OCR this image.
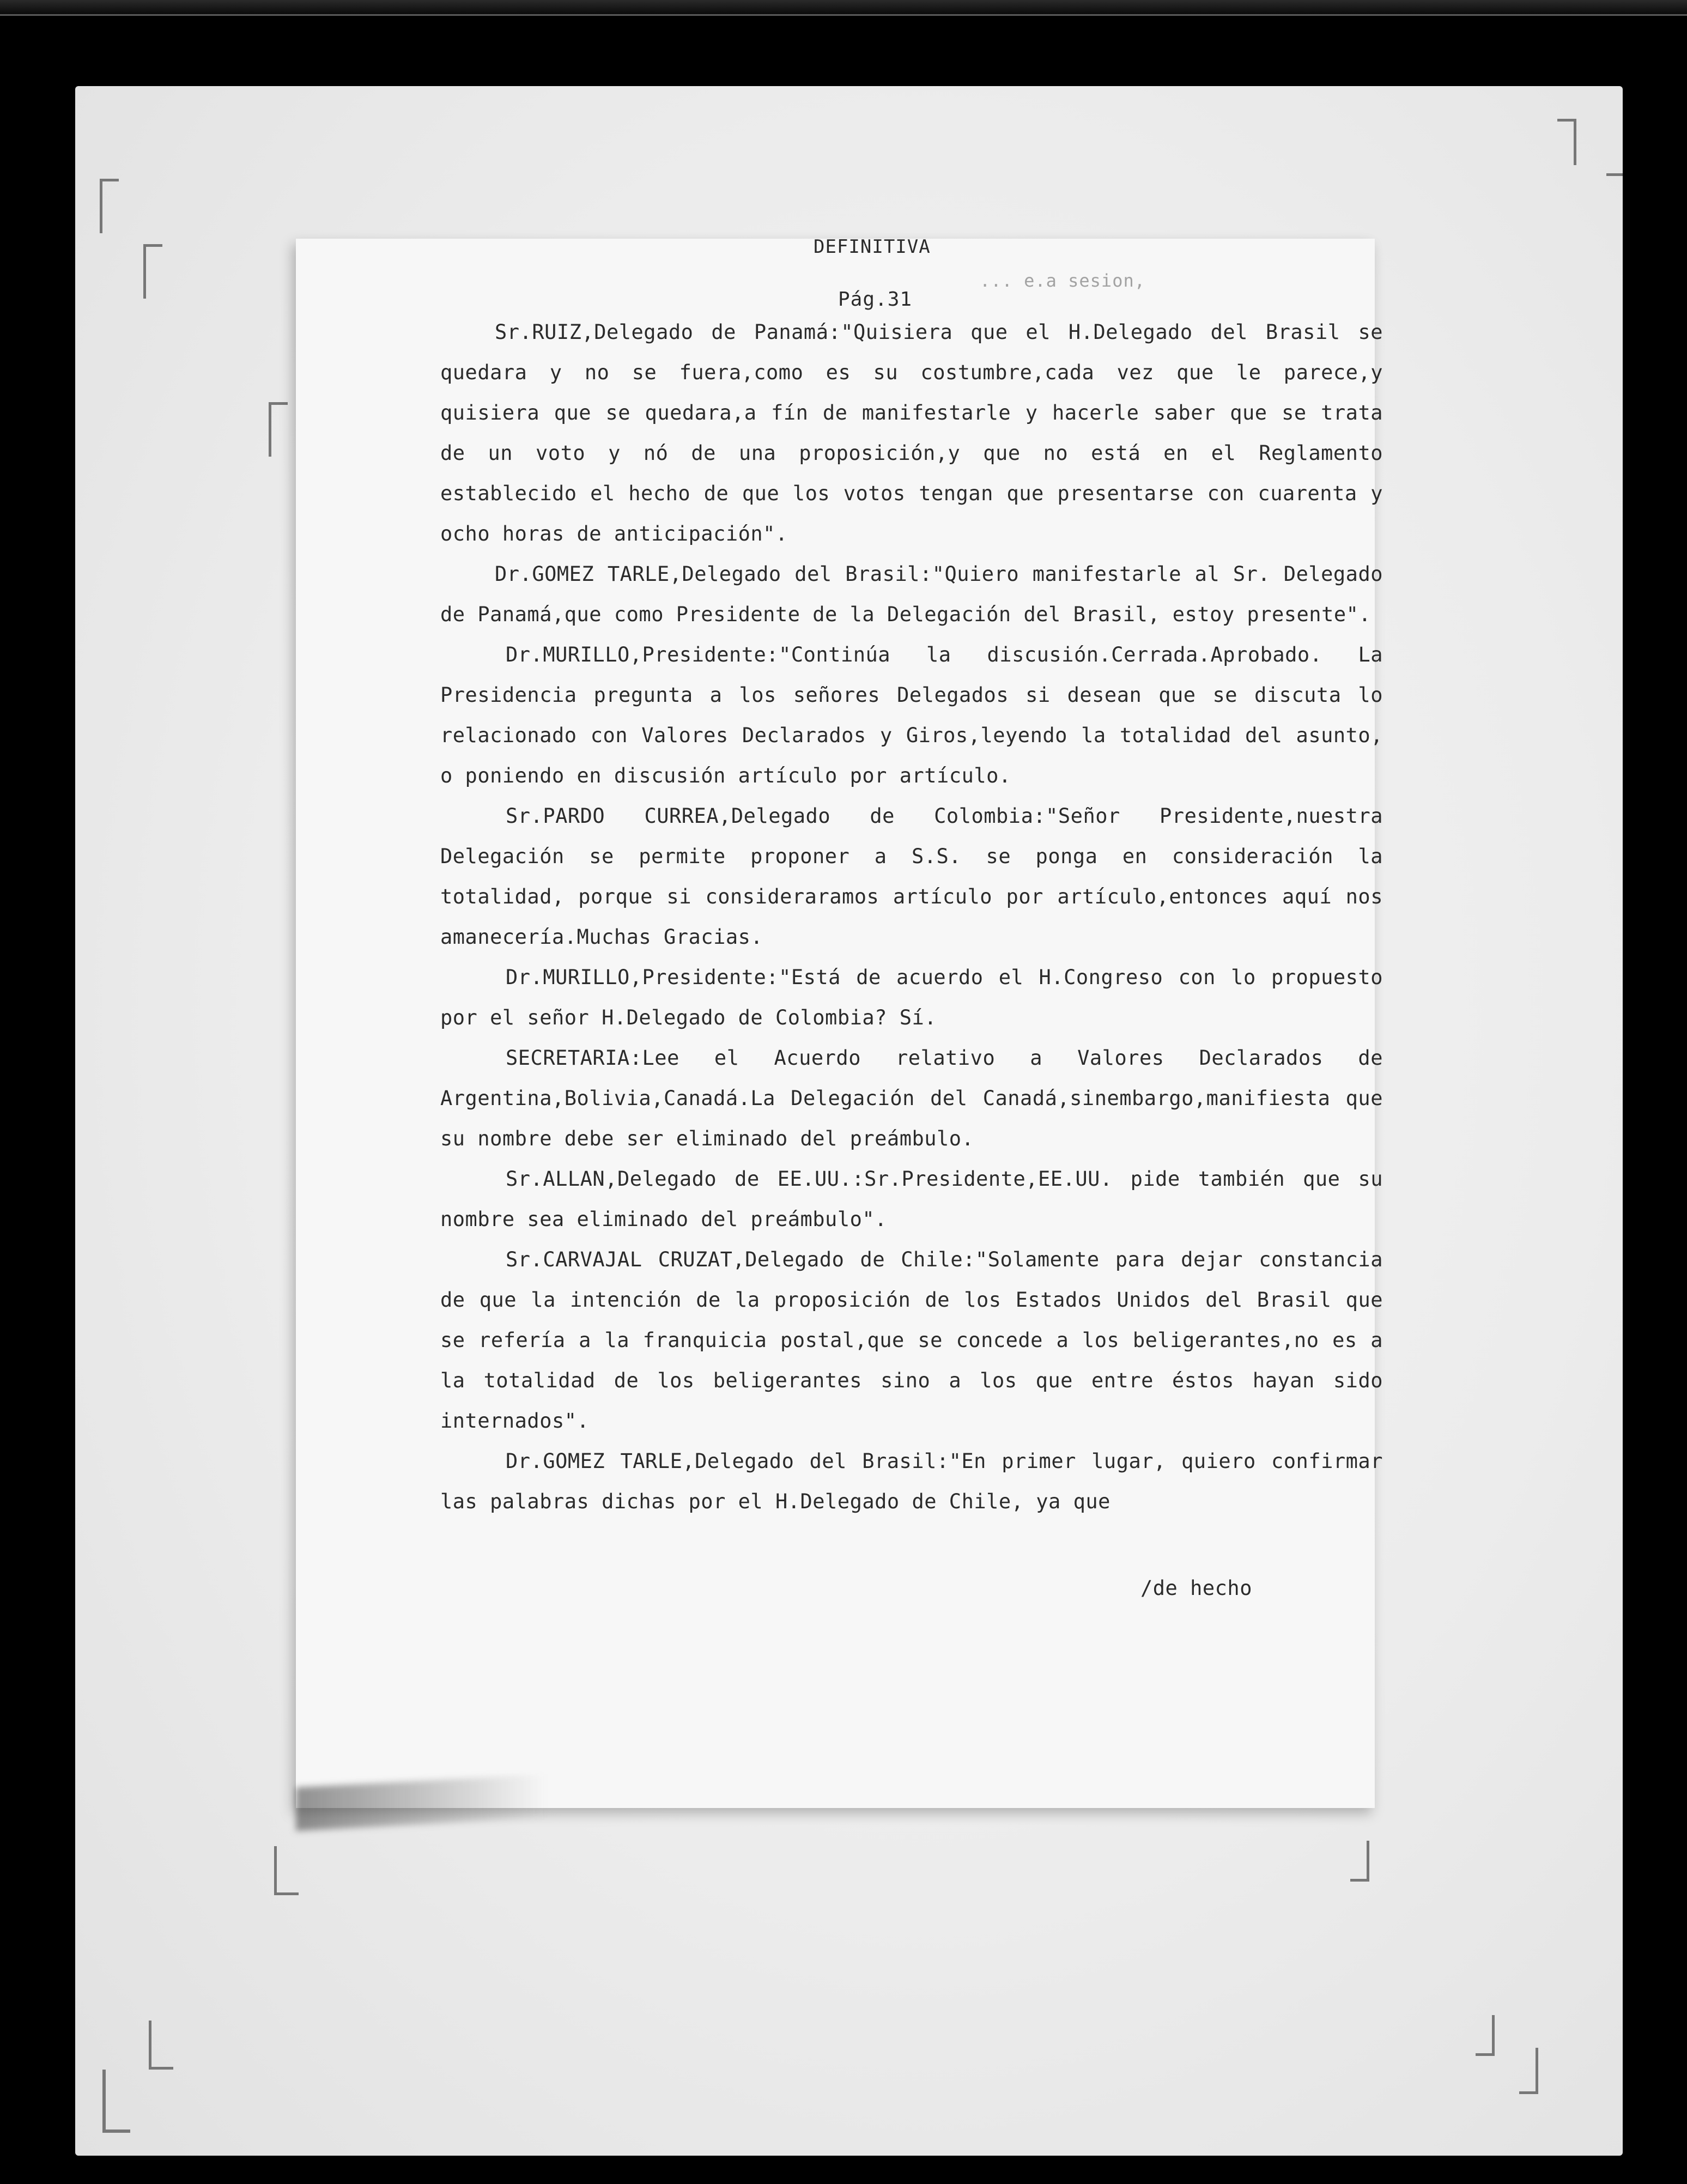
DEFINITIVA
... e.a sesion,
Pág.31

Sr.RUIZ,Delegado de Panamá:"Quisiera que el H.Delegado del Brasil se quedara y no se fuera,como es su costumbre,cada vez que le parece,y quisiera que se quedara,a fín de manifestarle y hacerle saber que se trata de un voto y nó de una proposición,y que no está en el Reglamento establecido el hecho de que los votos tengan que presentarse con cuarenta y ocho horas de anticipación".

Dr.GOMEZ TARLE,Delegado del Brasil:"Quiero manifestarle al Sr. Delegado de Panamá,que como Presidente de la Delegación del Brasil, estoy presente".

Dr.MURILLO,Presidente:"Continúa la discusión.Cerrada.Aprobado. La Presidencia pregunta a los señores Delegados si desean que se discuta lo relacionado con Valores Declarados y Giros,leyendo la totalidad del asunto, o poniendo en discusión artículo por artículo.

Sr.PARDO CURREA,Delegado de Colombia:"Señor Presidente,nuestra Delegación se permite proponer a S.S. se ponga en consideración la totalidad, porque si consideraramos artículo por artículo,entonces aquí nos amanecería.Muchas Gracias.

Dr.MURILLO,Presidente:"Está de acuerdo el H.Congreso con lo propuesto por el señor H.Delegado de Colombia? Sí.

SECRETARIA:Lee el Acuerdo relativo a Valores Declarados de Argentina,Bolivia,Canadá.La Delegación del Canadá,sinembargo,manifiesta que su nombre debe ser eliminado del preámbulo.

Sr.ALLAN,Delegado de EE.UU.:Sr.Presidente,EE.UU. pide también que su nombre sea eliminado del preámbulo".

Sr.CARVAJAL CRUZAT,Delegado de Chile:"Solamente para dejar constancia de que la intención de la proposición de los Estados Unidos del Brasil que se refería a la franquicia postal,que se concede a los beligerantes,no es a la totalidad de los beligerantes sino a los que entre éstos hayan sido internados".

Dr.GOMEZ TARLE,Delegado del Brasil:"En primer lugar, quiero confirmar las palabras dichas por el H.Delegado de Chile, ya que

/de hecho
